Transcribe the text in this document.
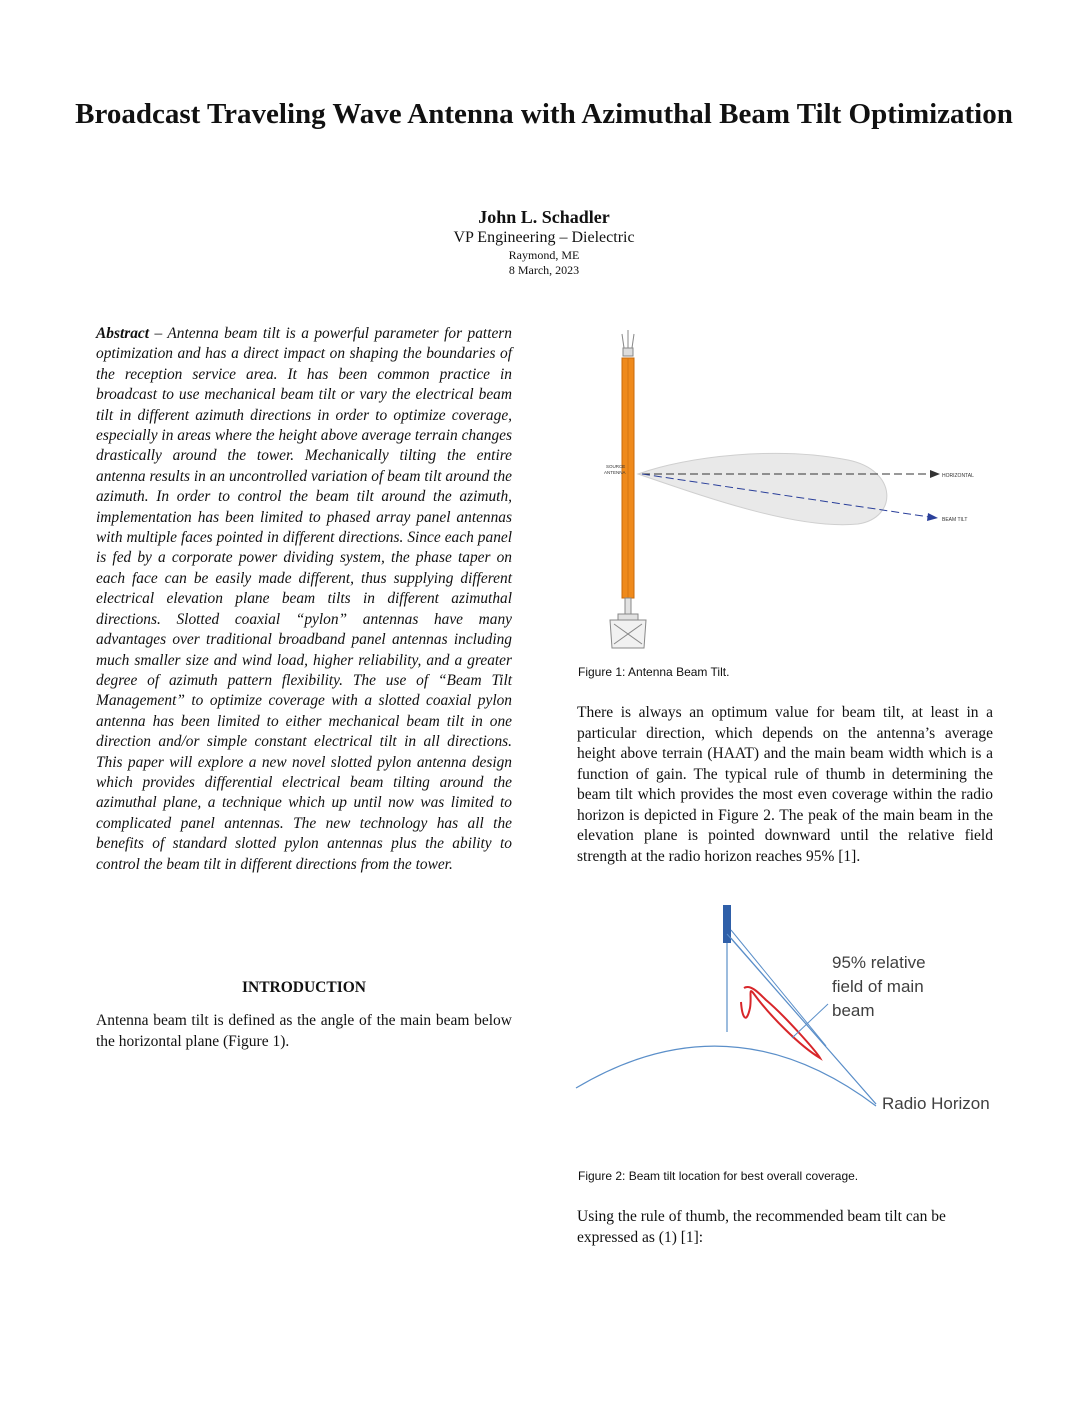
Broadcast Traveling Wave Antenna with Azimuthal Beam Tilt Optimization
John L. Schadler
VP Engineering – Dielectric
Raymond, ME
8 March, 2023
Abstract – Antenna beam tilt is a powerful parameter for pattern optimization and has a direct impact on shaping the boundaries of the reception service area. It has been common practice in broadcast to use mechanical beam tilt or vary the electrical beam tilt in different azimuth directions in order to optimize coverage, especially in areas where the height above average terrain changes drastically around the tower. Mechanically tilting the entire antenna results in an uncontrolled variation of beam tilt around the azimuth. In order to control the beam tilt around the azimuth, implementation has been limited to phased array panel antennas with multiple faces pointed in different directions. Since each panel is fed by a corporate power dividing system, the phase taper on each face can be easily made different, thus supplying different electrical elevation plane beam tilts in different azimuthal directions. Slotted coaxial “pylon” antennas have many advantages over traditional broadband panel antennas including much smaller size and wind load, higher reliability, and a greater degree of azimuth pattern flexibility. The use of “Beam Tilt Management” to optimize coverage with a slotted coaxial pylon antenna has been limited to either mechanical beam tilt in one direction and/or simple constant electrical tilt in all directions. This paper will explore a new novel slotted pylon antenna design which provides differential electrical beam tilting around the azimuthal plane, a technique which up until now was limited to complicated panel antennas. The new technology has all the benefits of standard slotted pylon antennas plus the ability to control the beam tilt in different directions from the tower.
INTRODUCTION
Antenna beam tilt is defined as the angle of the main beam below the horizontal plane (Figure 1).
SOURCE
ANTENNA
HORIZONTAL
BEAM TILT
Figure 1: Antenna Beam Tilt.
There is always an optimum value for beam tilt, at least in a particular direction, which depends on the antenna’s average height above terrain (HAAT) and the main beam width which is a function of gain. The typical rule of thumb in determining the beam tilt which provides the most even coverage within the radio horizon is depicted in Figure 2. The peak of the main beam in the elevation plane is pointed downward until the relative field strength at the radio horizon reaches 95% [1].
95% relative
field of main
beam
Radio Horizon
Figure 2: Beam tilt location for best overall coverage.
Using the rule of thumb, the recommended beam tilt can be expressed as (1) [1]:
